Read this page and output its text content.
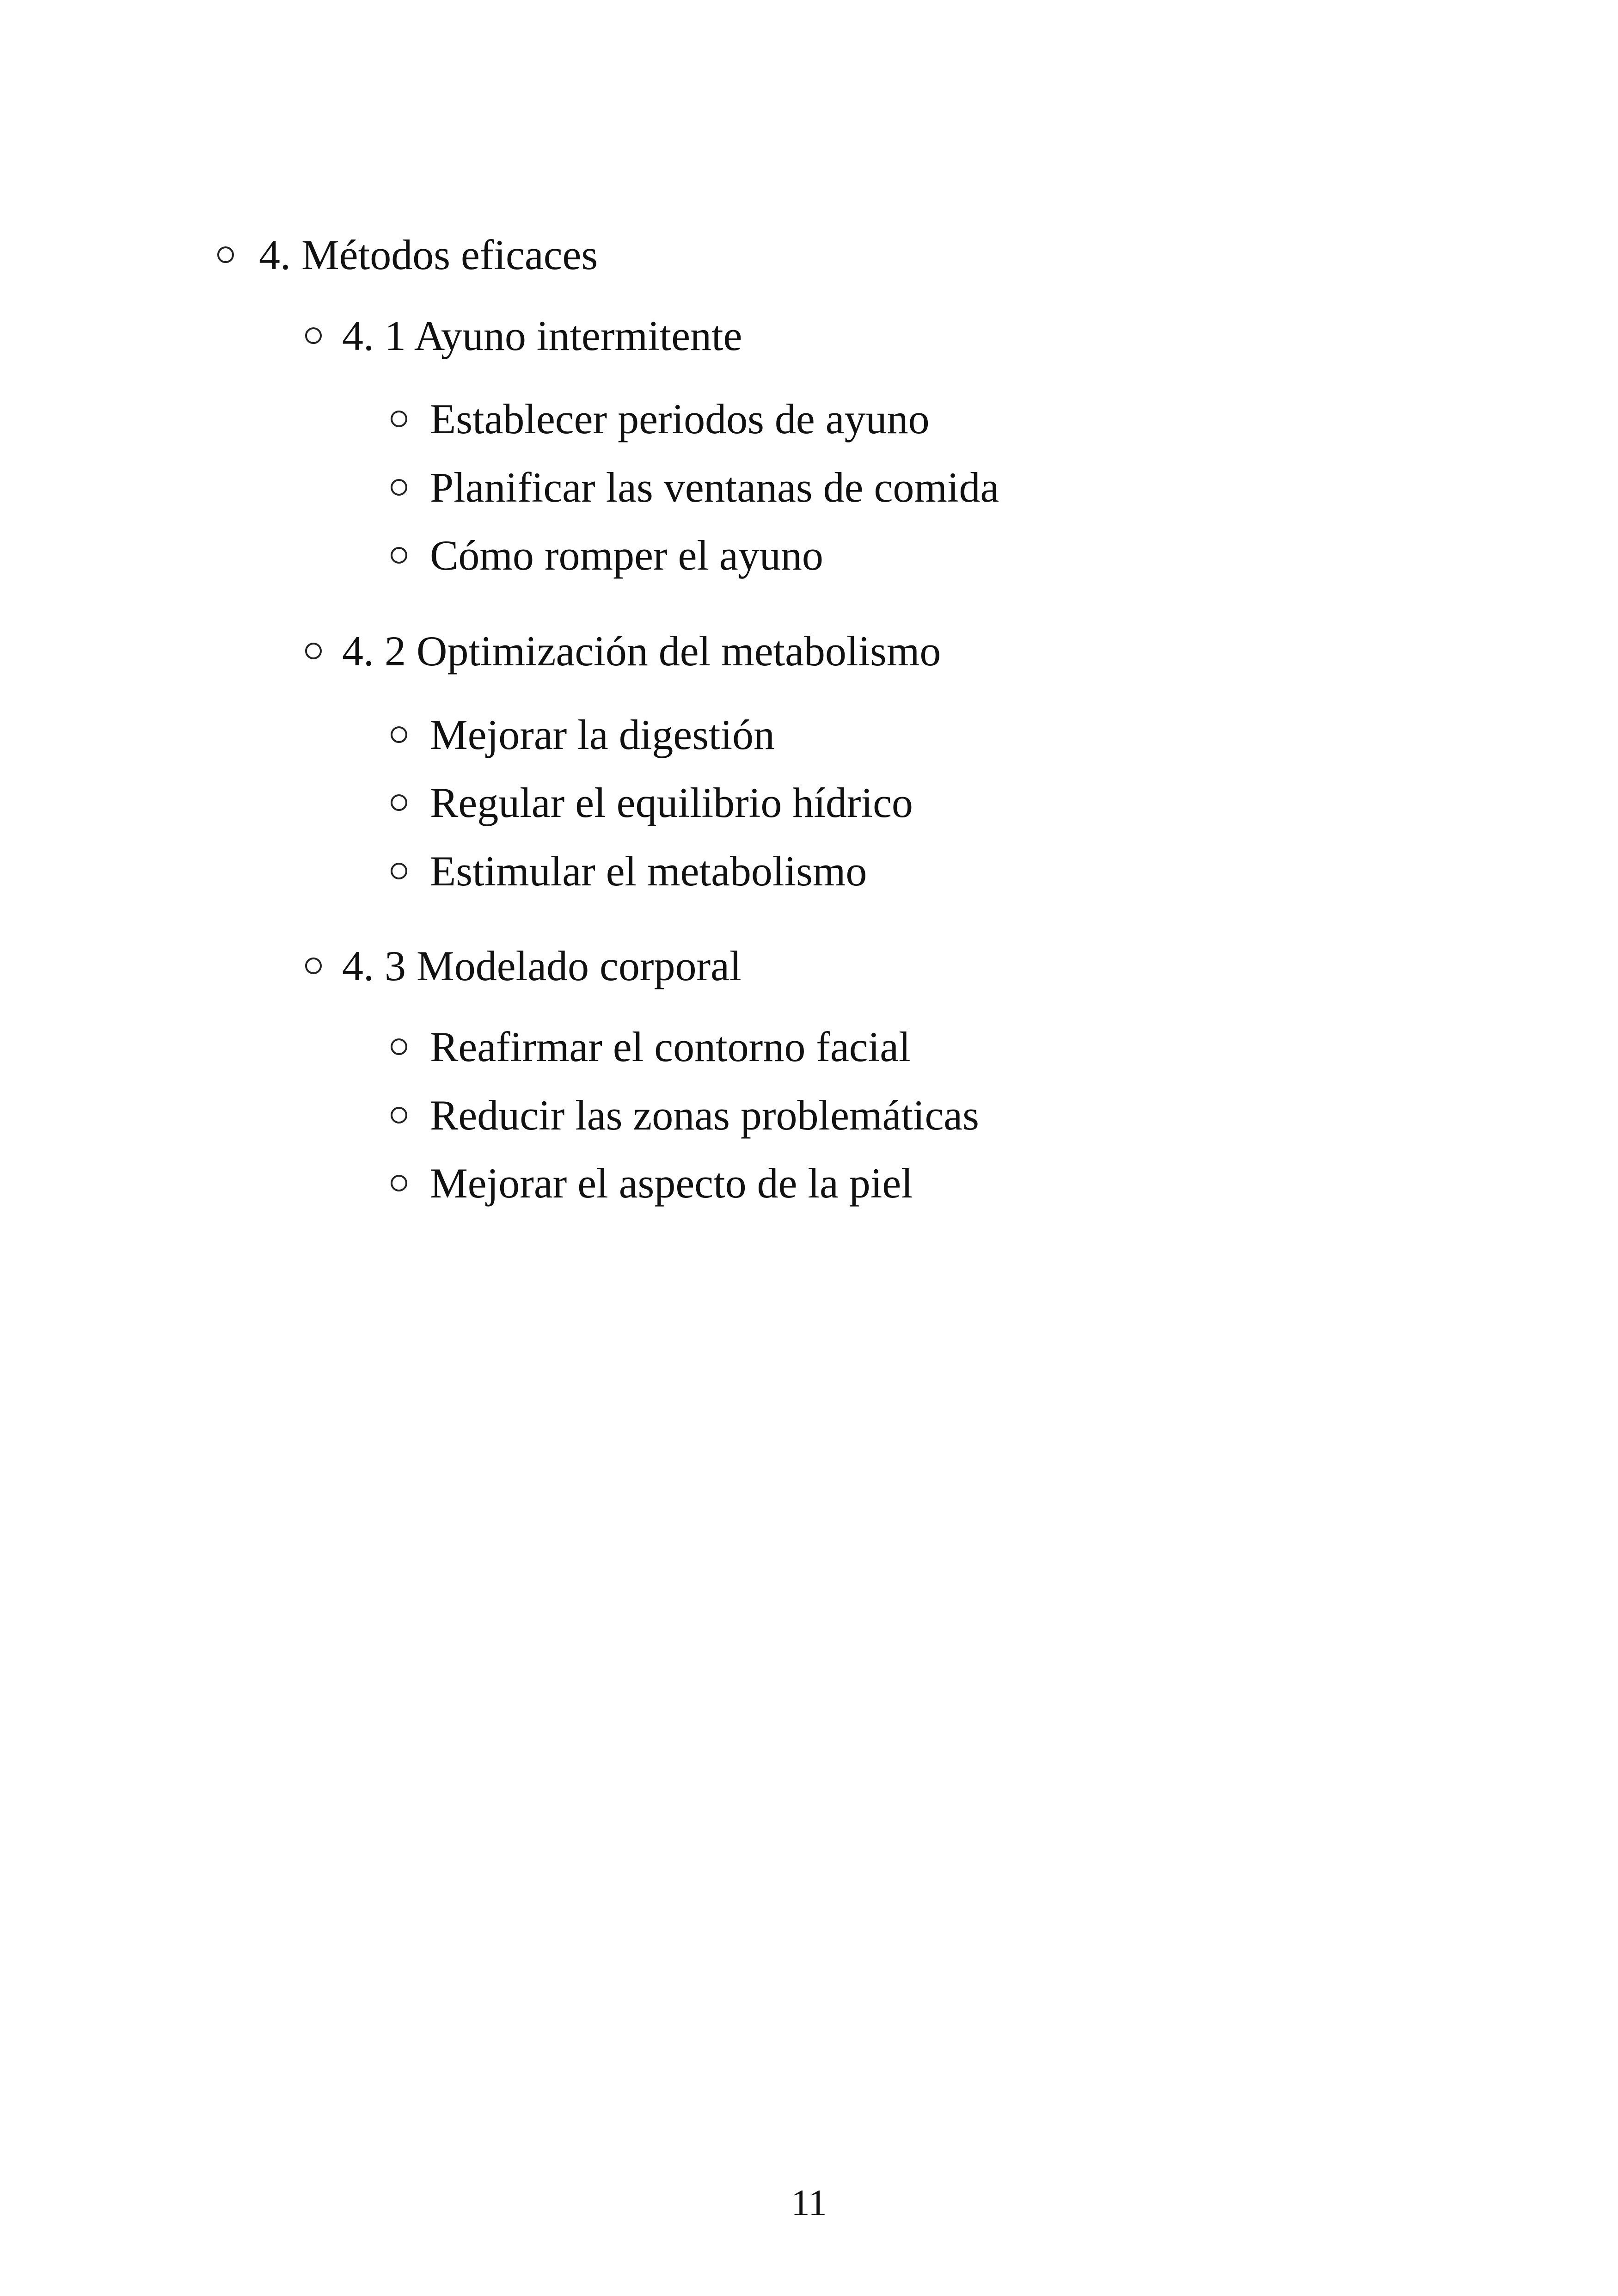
4. Métodos eficaces
4. 1 Ayuno intermitente
Establecer periodos de ayuno
Planificar las ventanas de comida
Cómo romper el ayuno
4. 2 Optimización del metabolismo
Mejorar la digestión
Regular el equilibrio hídrico
Estimular el metabolismo
4. 3 Modelado corporal
Reafirmar el contorno facial
Reducir las zonas problemáticas
Mejorar el aspecto de la piel
11
